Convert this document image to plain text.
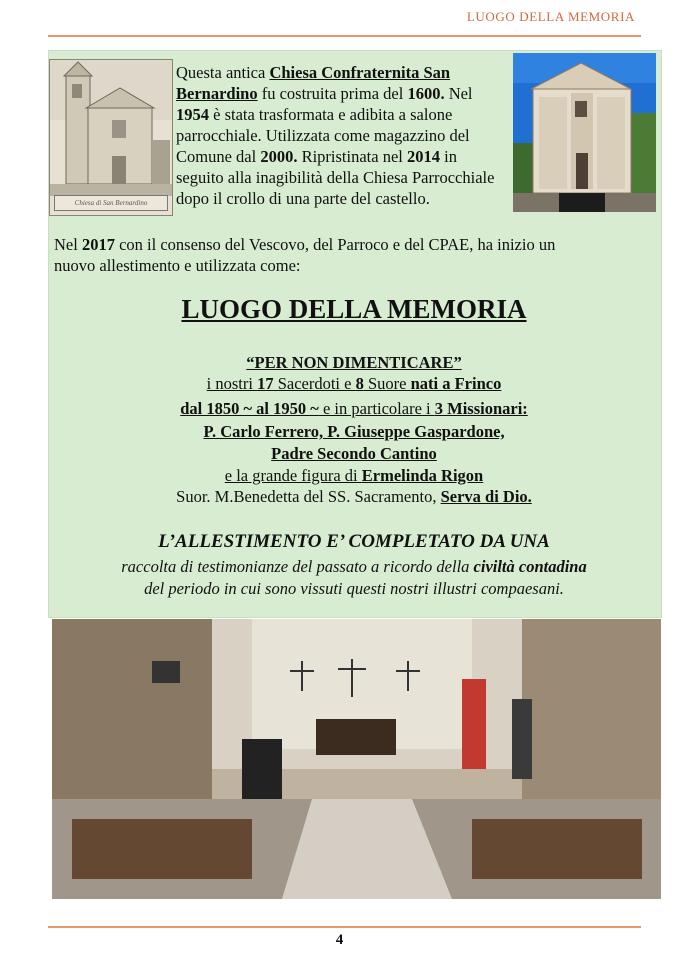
LUOGO DELLA MEMORIA
Chiesa di San Bernardino
Questa antica Chiesa Confraternita San Bernardino fu costruita prima del 1600. Nel 1954 è stata trasformata e adibita a salone parrocchiale. Utilizzata come magazzino del Comune dal 2000. Ripristinata nel 2014 in seguito alla inagibilità della Chiesa Parrocchiale dopo il crollo di una parte del castello.
Nel 2017 con il consenso del Vescovo, del Parroco e del CPAE, ha inizio un
nuovo allestimento e utilizzata come:
LUOGO DELLA MEMORIA
“PER NON DIMENTICARE”
i nostri 17 Sacerdoti e 8 Suore nati a Frinco
dal 1850 ~ al 1950 ~ e in particolare i 3 Missionari:
P. Carlo Ferrero, P. Giuseppe Gaspardone,
Padre Secondo Cantino
e la grande figura di Ermelinda Rigon
Suor. M.Benedetta del SS. Sacramento, Serva di Dio.
L’ALLESTIMENTO E’ COMPLETATO DA UNA
raccolta di testimonianze del passato a ricordo della civiltà contadina
del periodo in cui sono vissuti questi nostri illustri compaesani.
4
